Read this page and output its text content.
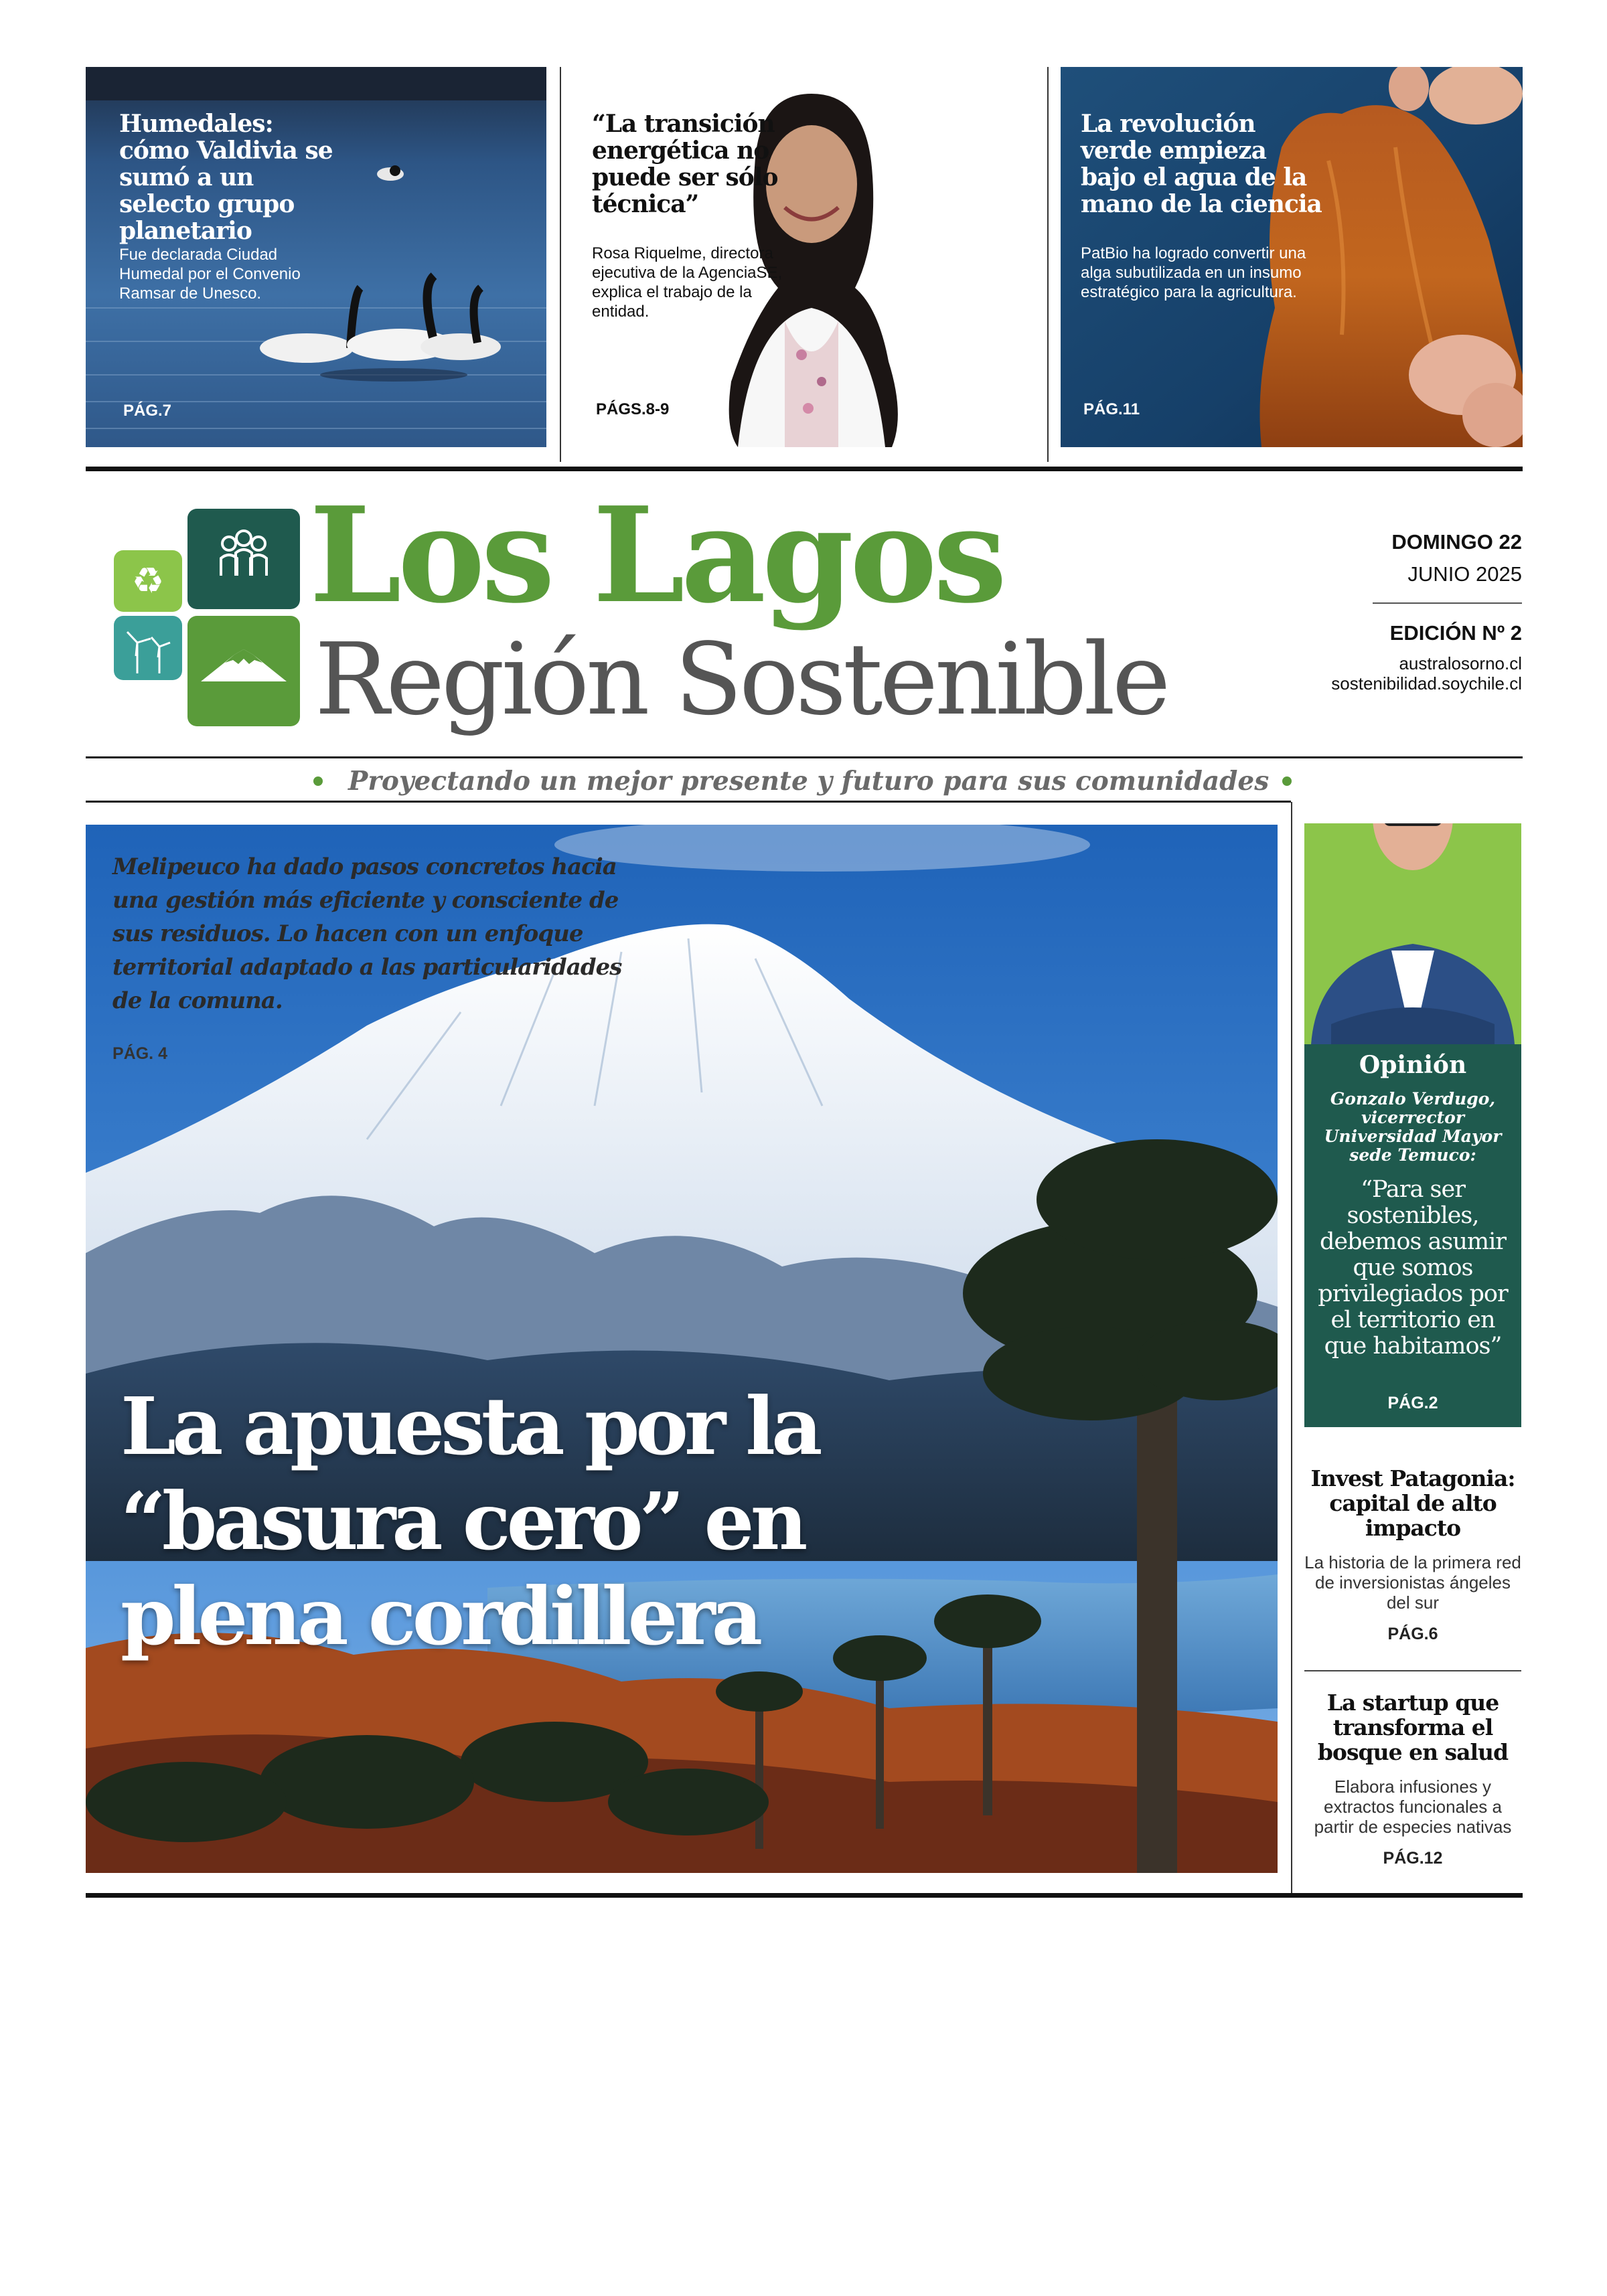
Humedales: cómo Valdivia se sumó a un selecto grupo planetario
Fue declarada Ciudad Humedal por el Convenio Ramsar de Unesco.
PÁG.7
“La transición energética no puede ser sólo técnica”
Rosa Riquelme, directora ejecutiva de la AgenciaSE, explica el trabajo de la entidad.
PÁGS.8-9
La revolución verde empieza bajo el agua de la mano de la ciencia
PatBio ha logrado convertir una alga subutilizada en un insumo estratégico para la agricultura.
PÁG.11
♻ Los Lagos
Región Sostenible
DOMINGO 22
JUNIO 2025
EDICIÓN Nº 2
australosorno.cl
sostenibilidad.soychile.cl
Proyectando un mejor presente y futuro para sus comunidades
Melipeuco ha dado pasos concretos hacia una gestión más eficiente y consciente de sus residuos. Lo hacen con un enfoque territorial adaptado a las particularidades de la comuna.
PÁG. 4
La apuesta por la “basura cero” en plena cordillera
Opinión
Gonzalo Verdugo, vicerrector Universidad Mayor sede Temuco:
“Para ser sostenibles, debemos asumir que somos privilegiados por el territorio en que habitamos”
PÁG.2
Invest Patagonia: capital de alto impacto
La historia de la primera red de inversionistas ángeles del sur
PÁG.6
La startup que transforma el bosque en salud
Elabora infusiones y extractos funcionales a partir de especies nativas
PÁG.12
